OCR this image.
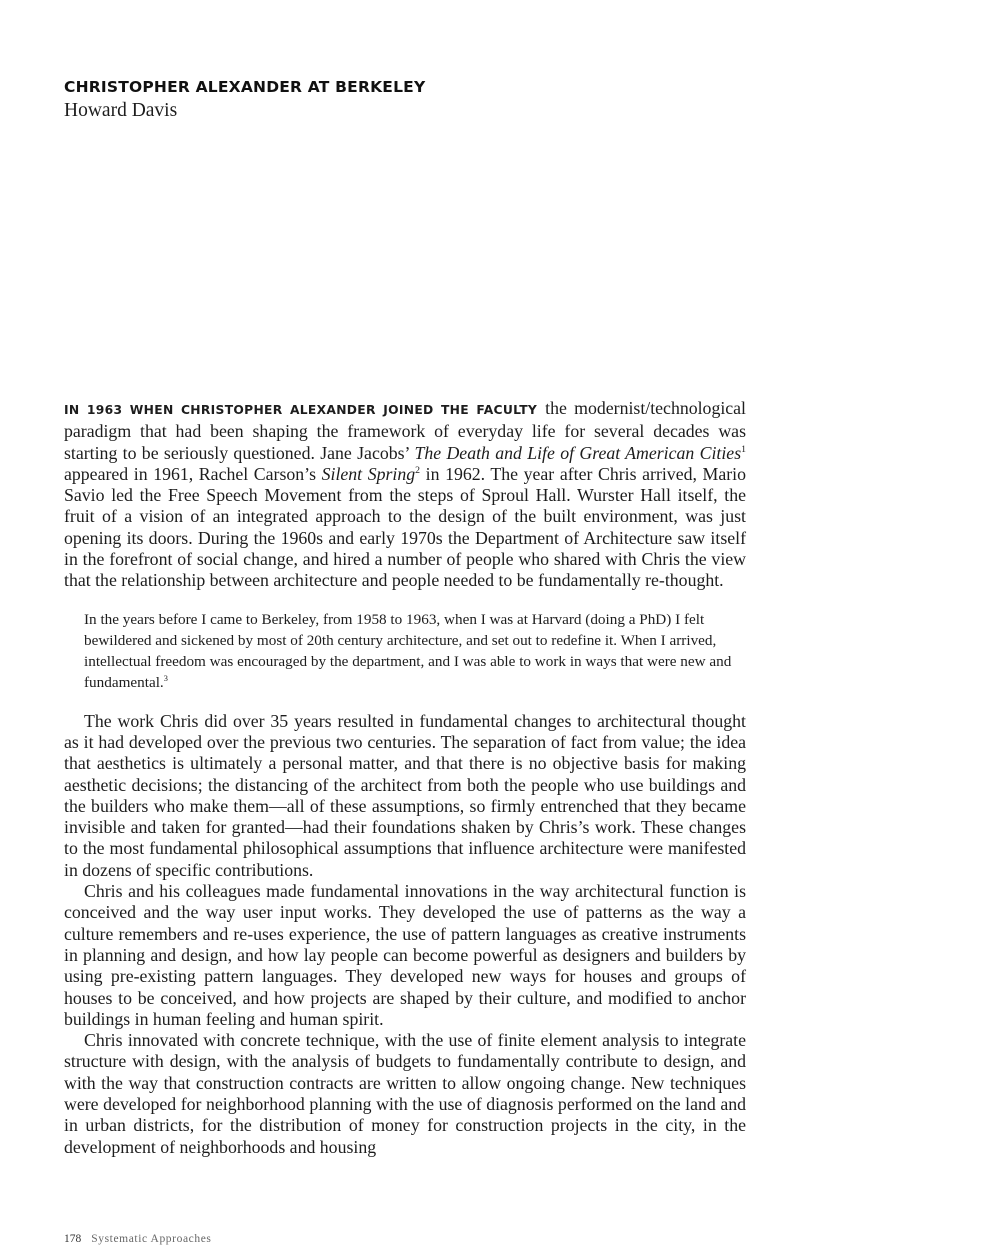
CHRISTOPHER ALEXANDER AT BERKELEY
Howard Davis

IN 1963 WHEN CHRISTOPHER ALEXANDER JOINED THE FACULTY the modernist/technological paradigm that had been shaping the framework of everyday life for several decades was starting to be seriously questioned. Jane Jacobs’ The Death and Life of Great American Cities$^1$ appeared in 1961, Rachel Carson’s Silent Spring$^2$ in 1962. The year after Chris arrived, Mario Savio led the Free Speech Movement from the steps of Sproul Hall. Wurster Hall itself, the fruit of a vision of an integrated approach to the design of the built environment, was just opening its doors. During the 1960s and early 1970s the Department of Architecture saw itself in the forefront of social change, and hired a number of people who shared with Chris the view that the relationship between architecture and people needed to be fundamentally re-thought.

In the years before I came to Berkeley, from 1958 to 1963, when I was at Harvard (doing a PhD) I felt bewildered and sickened by most of 20th century architecture, and set out to redefine it. When I arrived, intellectual freedom was encouraged by the department, and I was able to work in ways that were new and fundamental.$^3$

The work Chris did over 35 years resulted in fundamental changes to architectural thought as it had developed over the previous two centuries. The separation of fact from value; the idea that aesthetics is ultimately a personal matter, and that there is no objective basis for making aesthetic decisions; the distancing of the architect from both the people who use buildings and the builders who make them—all of these assumptions, so firmly entrenched that they became invisible and taken for granted—had their foundations shaken by Chris’s work. These changes to the most fundamental philosophical assumptions that influence architecture were manifested in dozens of specific contributions.

Chris and his colleagues made fundamental innovations in the way architectural function is conceived and the way user input works. They developed the use of patterns as the way a culture remembers and re-uses experience, the use of pattern languages as creative instruments in planning and design, and how lay people can become powerful as designers and builders by using pre-existing pattern languages. They developed new ways for houses and groups of houses to be conceived, and how projects are shaped by their culture, and modified to anchor buildings in human feeling and human spirit.

Chris innovated with concrete technique, with the use of finite element analysis to integrate structure with design, with the analysis of budgets to fundamentally contribute to design, and with the way that construction contracts are written to allow ongoing change. New techniques were developed for neighborhood planning with the use of diagnosis performed on the land and in urban districts, for the distribution of money for construction projects in the city, in the development of neighborhoods and housing

178 Systematic Approaches
